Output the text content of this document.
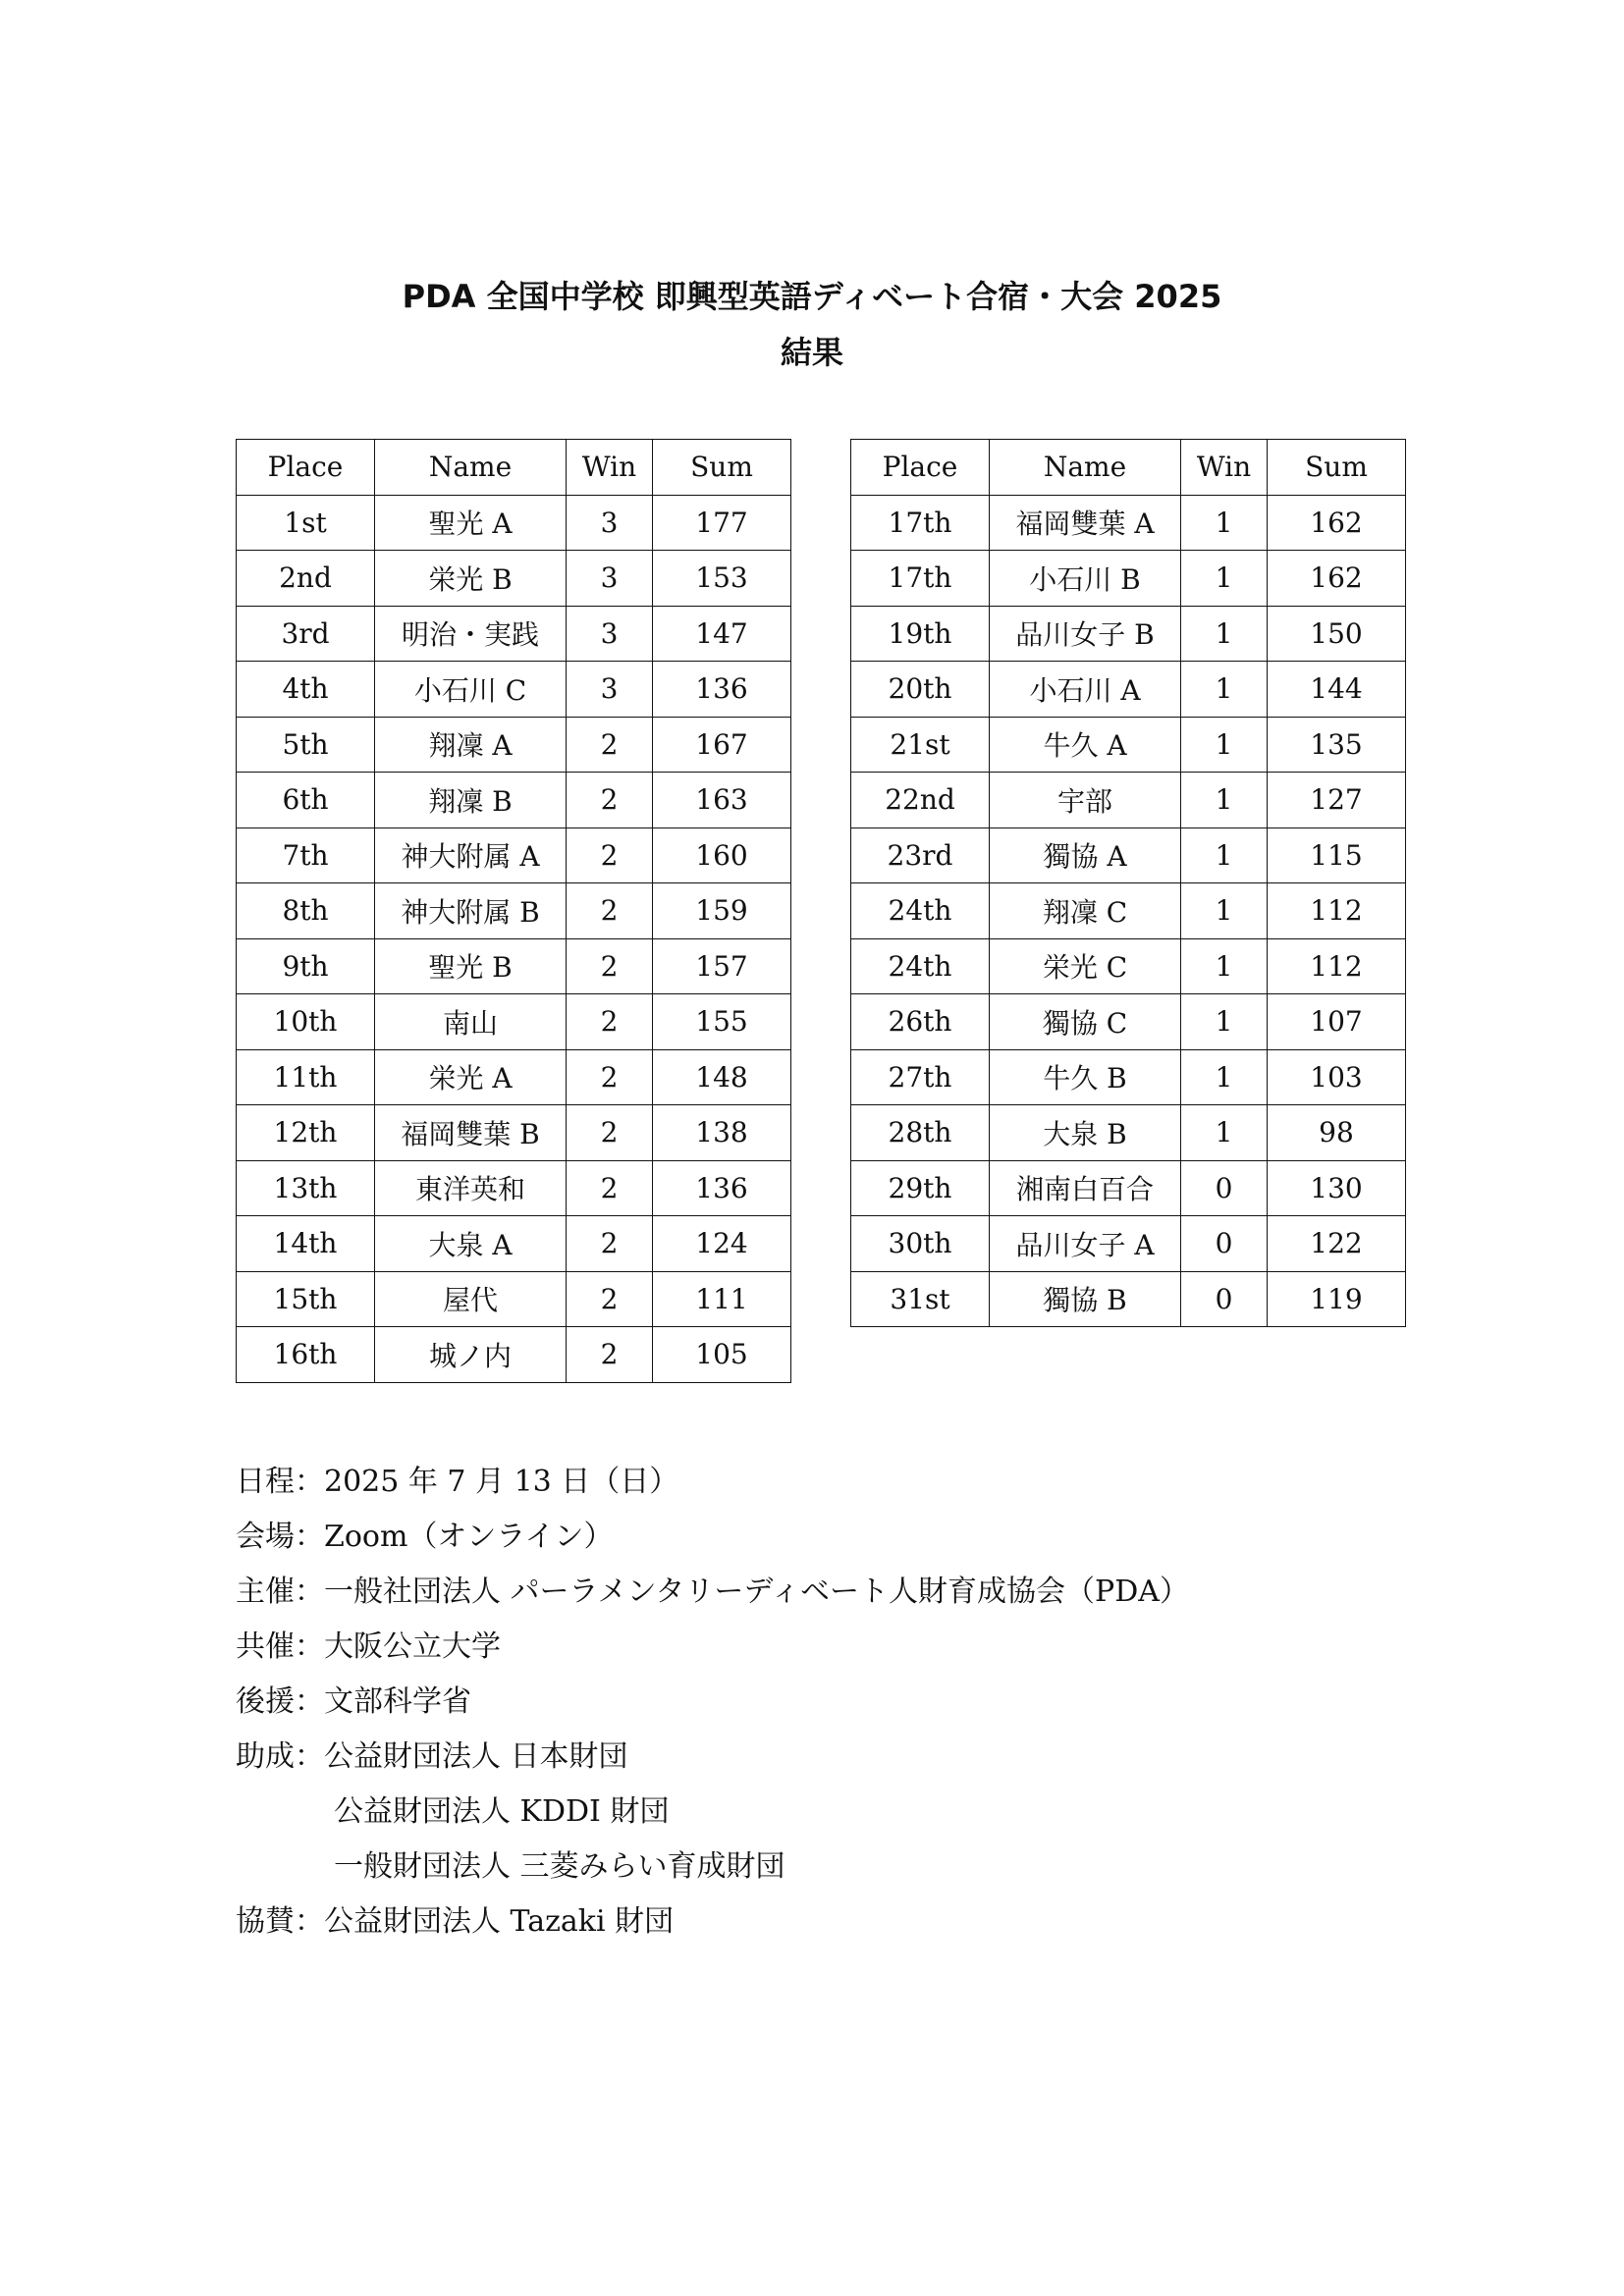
PDA 全国中学校 即興型英語ディベート合宿・大会 2025
結果
Place	Name	Win	Sum
1st	聖光 A	3	177
2nd	栄光 B	3	153
3rd	明治・実践	3	147
4th	小石川 C	3	136
5th	翔凜 A	2	167
6th	翔凜 B	2	163
7th	神大附属 A	2	160
8th	神大附属 B	2	159
9th	聖光 B	2	157
10th	南山	2	155
11th	栄光 A	2	148
12th	福岡雙葉 B	2	138
13th	東洋英和	2	136
14th	大泉 A	2	124
15th	屋代	2	111
16th	城ノ内	2	105
Place	Name	Win	Sum
17th	福岡雙葉 A	1	162
17th	小石川 B	1	162
19th	品川女子 B	1	150
20th	小石川 A	1	144
21st	牛久 A	1	135
22nd	宇部	1	127
23rd	獨協 A	1	115
24th	翔凜 C	1	112
24th	栄光 C	1	112
26th	獨協 C	1	107
27th	牛久 B	1	103
28th	大泉 B	1	98
29th	湘南白百合	0	130
30th	品川女子 A	0	122
31st	獨協 B	0	119
日程：2025 年 7 月 13 日（日）
会場：Zoom（オンライン）
主催：一般社団法人 パーラメンタリーディベート人財育成協会（PDA）
共催：大阪公立大学
後援：文部科学省
助成：公益財団法人 日本財団
公益財団法人 KDDI 財団
一般財団法人 三菱みらい育成財団
協賛：公益財団法人 Tazaki 財団
